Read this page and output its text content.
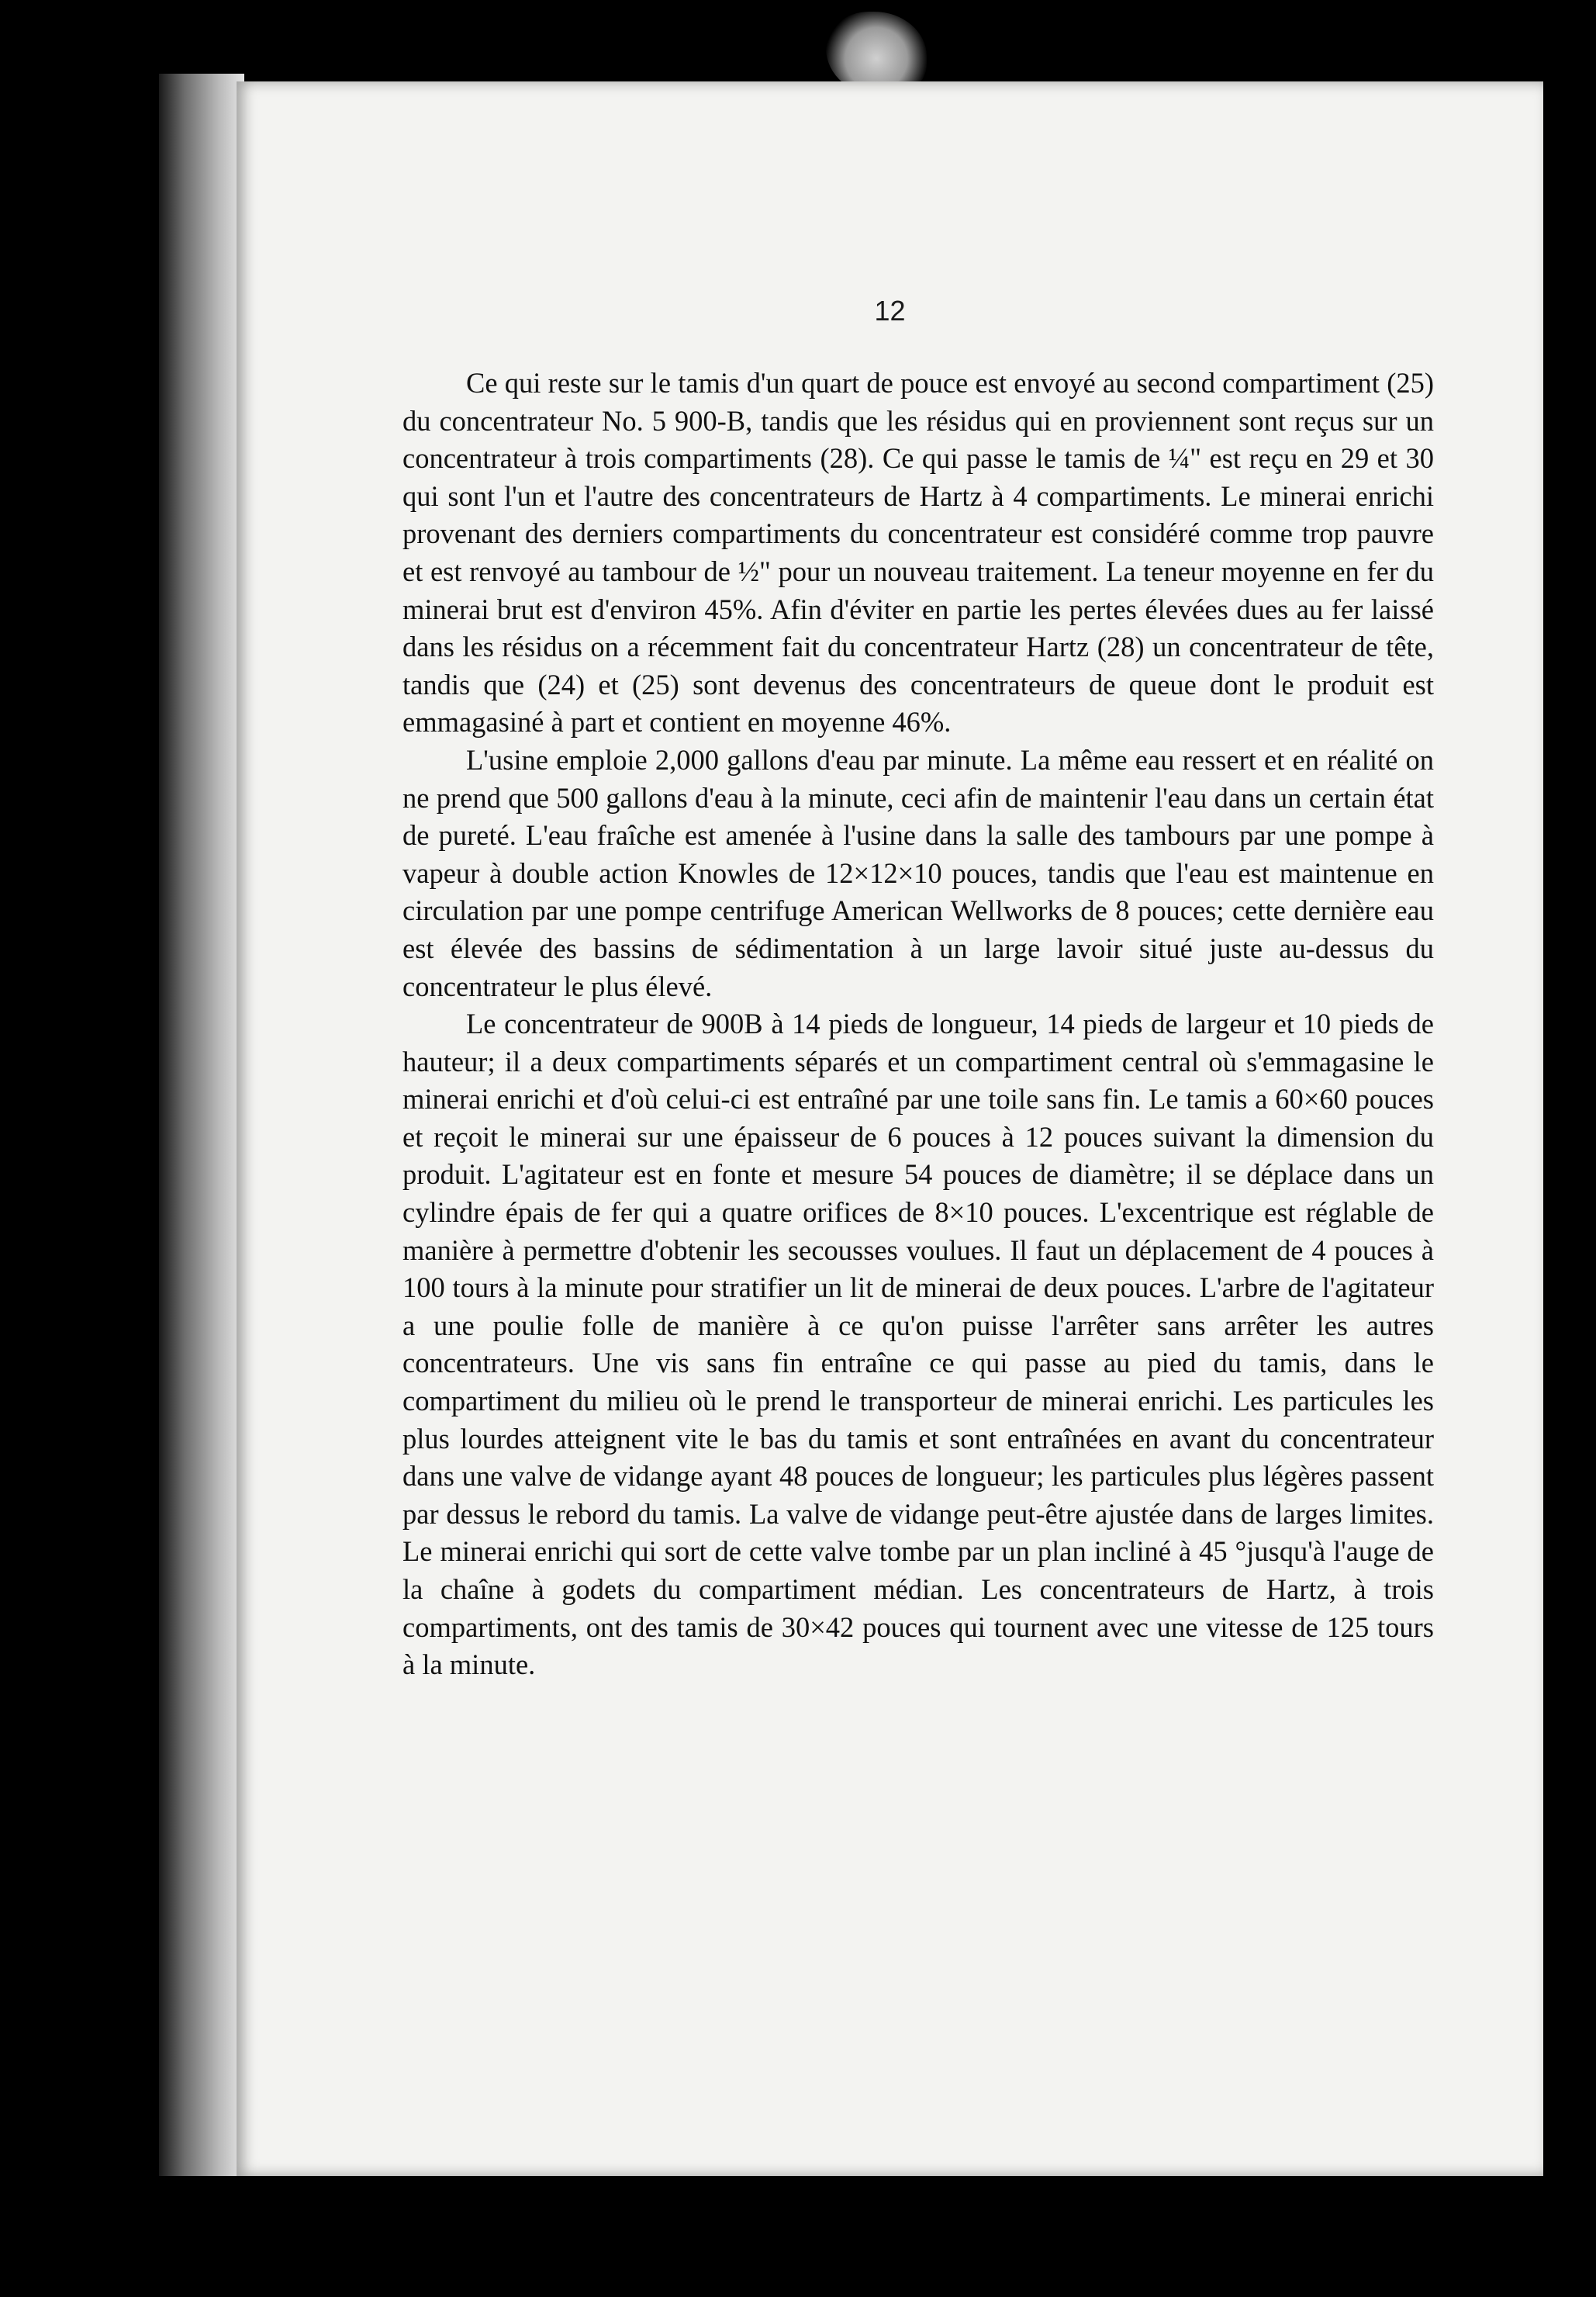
12

Ce qui reste sur le tamis d'un quart de pouce est envoyé au second compartiment (25) du concentrateur No. 5 900-B, tandis que les résidus qui en proviennent sont reçus sur un concentrateur à trois compartiments (28). Ce qui passe le tamis de ¼" est reçu en 29 et 30 qui sont l'un et l'autre des concentrateurs de Hartz à 4 compartiments. Le minerai enrichi provenant des derniers compartiments du concentrateur est considéré comme trop pauvre et est renvoyé au tambour de ½" pour un nouveau traitement. La teneur moyenne en fer du minerai brut est d'environ 45%. Afin d'éviter en partie les pertes élevées dues au fer laissé dans les résidus on a récemment fait du concentrateur Hartz (28) un concentrateur de tête, tandis que (24) et (25) sont devenus des concentrateurs de queue dont le produit est emmagasiné à part et contient en moyenne 46%.

L'usine emploie 2,000 gallons d'eau par minute. La même eau ressert et en réalité on ne prend que 500 gallons d'eau à la minute, ceci afin de maintenir l'eau dans un certain état de pureté. L'eau fraîche est amenée à l'usine dans la salle des tambours par une pompe à vapeur à double action Knowles de 12×12×10 pouces, tandis que l'eau est maintenue en circulation par une pompe centrifuge American Wellworks de 8 pouces; cette dernière eau est élevée des bassins de sédimentation à un large lavoir situé juste au-dessus du concentrateur le plus élevé.

Le concentrateur de 900B à 14 pieds de longueur, 14 pieds de largeur et 10 pieds de hauteur; il a deux compartiments séparés et un compartiment central où s'emmagasine le minerai enrichi et d'où celui-ci est entraîné par une toile sans fin. Le tamis a 60×60 pouces et reçoit le minerai sur une épaisseur de 6 pouces à 12 pouces suivant la dimension du produit. L'agitateur est en fonte et mesure 54 pouces de diamètre; il se déplace dans un cylindre épais de fer qui a quatre orifices de 8×10 pouces. L'excentrique est réglable de manière à permettre d'obtenir les secousses voulues. Il faut un déplacement de 4 pouces à 100 tours à la minute pour stratifier un lit de minerai de deux pouces. L'arbre de l'agitateur a une poulie folle de manière à ce qu'on puisse l'arrêter sans arrêter les autres concentrateurs. Une vis sans fin entraîne ce qui passe au pied du tamis, dans le compartiment du milieu où le prend le transporteur de minerai enrichi. Les particules les plus lourdes atteignent vite le bas du tamis et sont entraînées en avant du concentrateur dans une valve de vidange ayant 48 pouces de longueur; les particules plus légères passent par dessus le rebord du tamis. La valve de vidange peut-être ajustée dans de larges limites. Le minerai enrichi qui sort de cette valve tombe par un plan incliné à 45 °jusqu'à l'auge de la chaîne à godets du compartiment médian. Les concentrateurs de Hartz, à trois compartiments, ont des tamis de 30×42 pouces qui tournent avec une vitesse de 125 tours à la minute.
